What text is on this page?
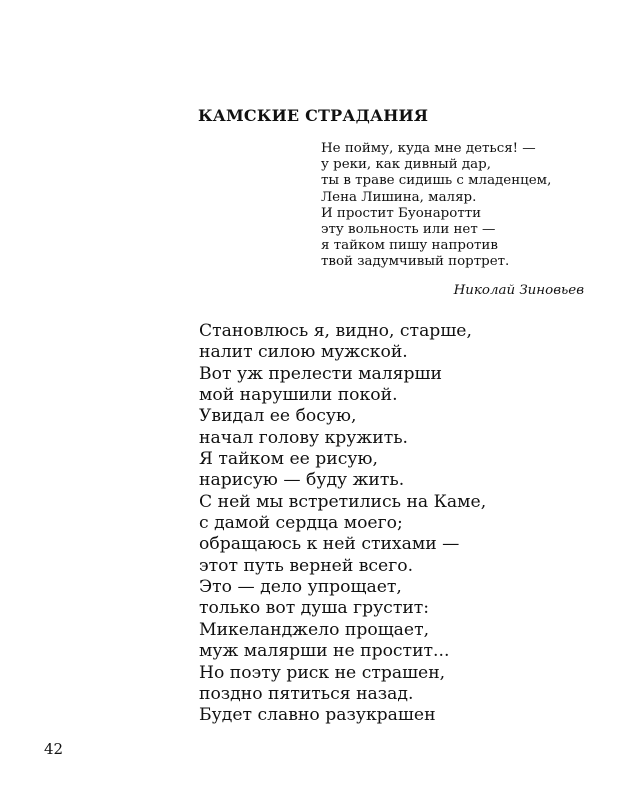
КАМСКИЕ СТРАДАНИЯ
Не пойму, куда мне деться! —
у реки, как дивный дар,
ты в траве сидишь с младенцем,
Лена Лишина, маляр.
И простит Буонаротти
эту вольность или нет —
я тайком пишу напротив
твой задумчивый портрет.
Николай Зиновьев
Становлюсь я, видно, старше,
налит силою мужской.
Вот уж прелести малярши
мой нарушили покой.
Увидал ее босую,
начал голову кружить.
Я тайком ее рисую,
нарисую — буду жить.
С ней мы встретились на Каме,
с дамой сердца моего;
обращаюсь к ней стихами —
этот путь верней всего.
Это — дело упрощает,
только вот душа грустит:
Микеланджело прощает,
муж малярши не простит...
Но поэту риск не страшен,
поздно пятиться назад.
Будет славно разукрашен
42
